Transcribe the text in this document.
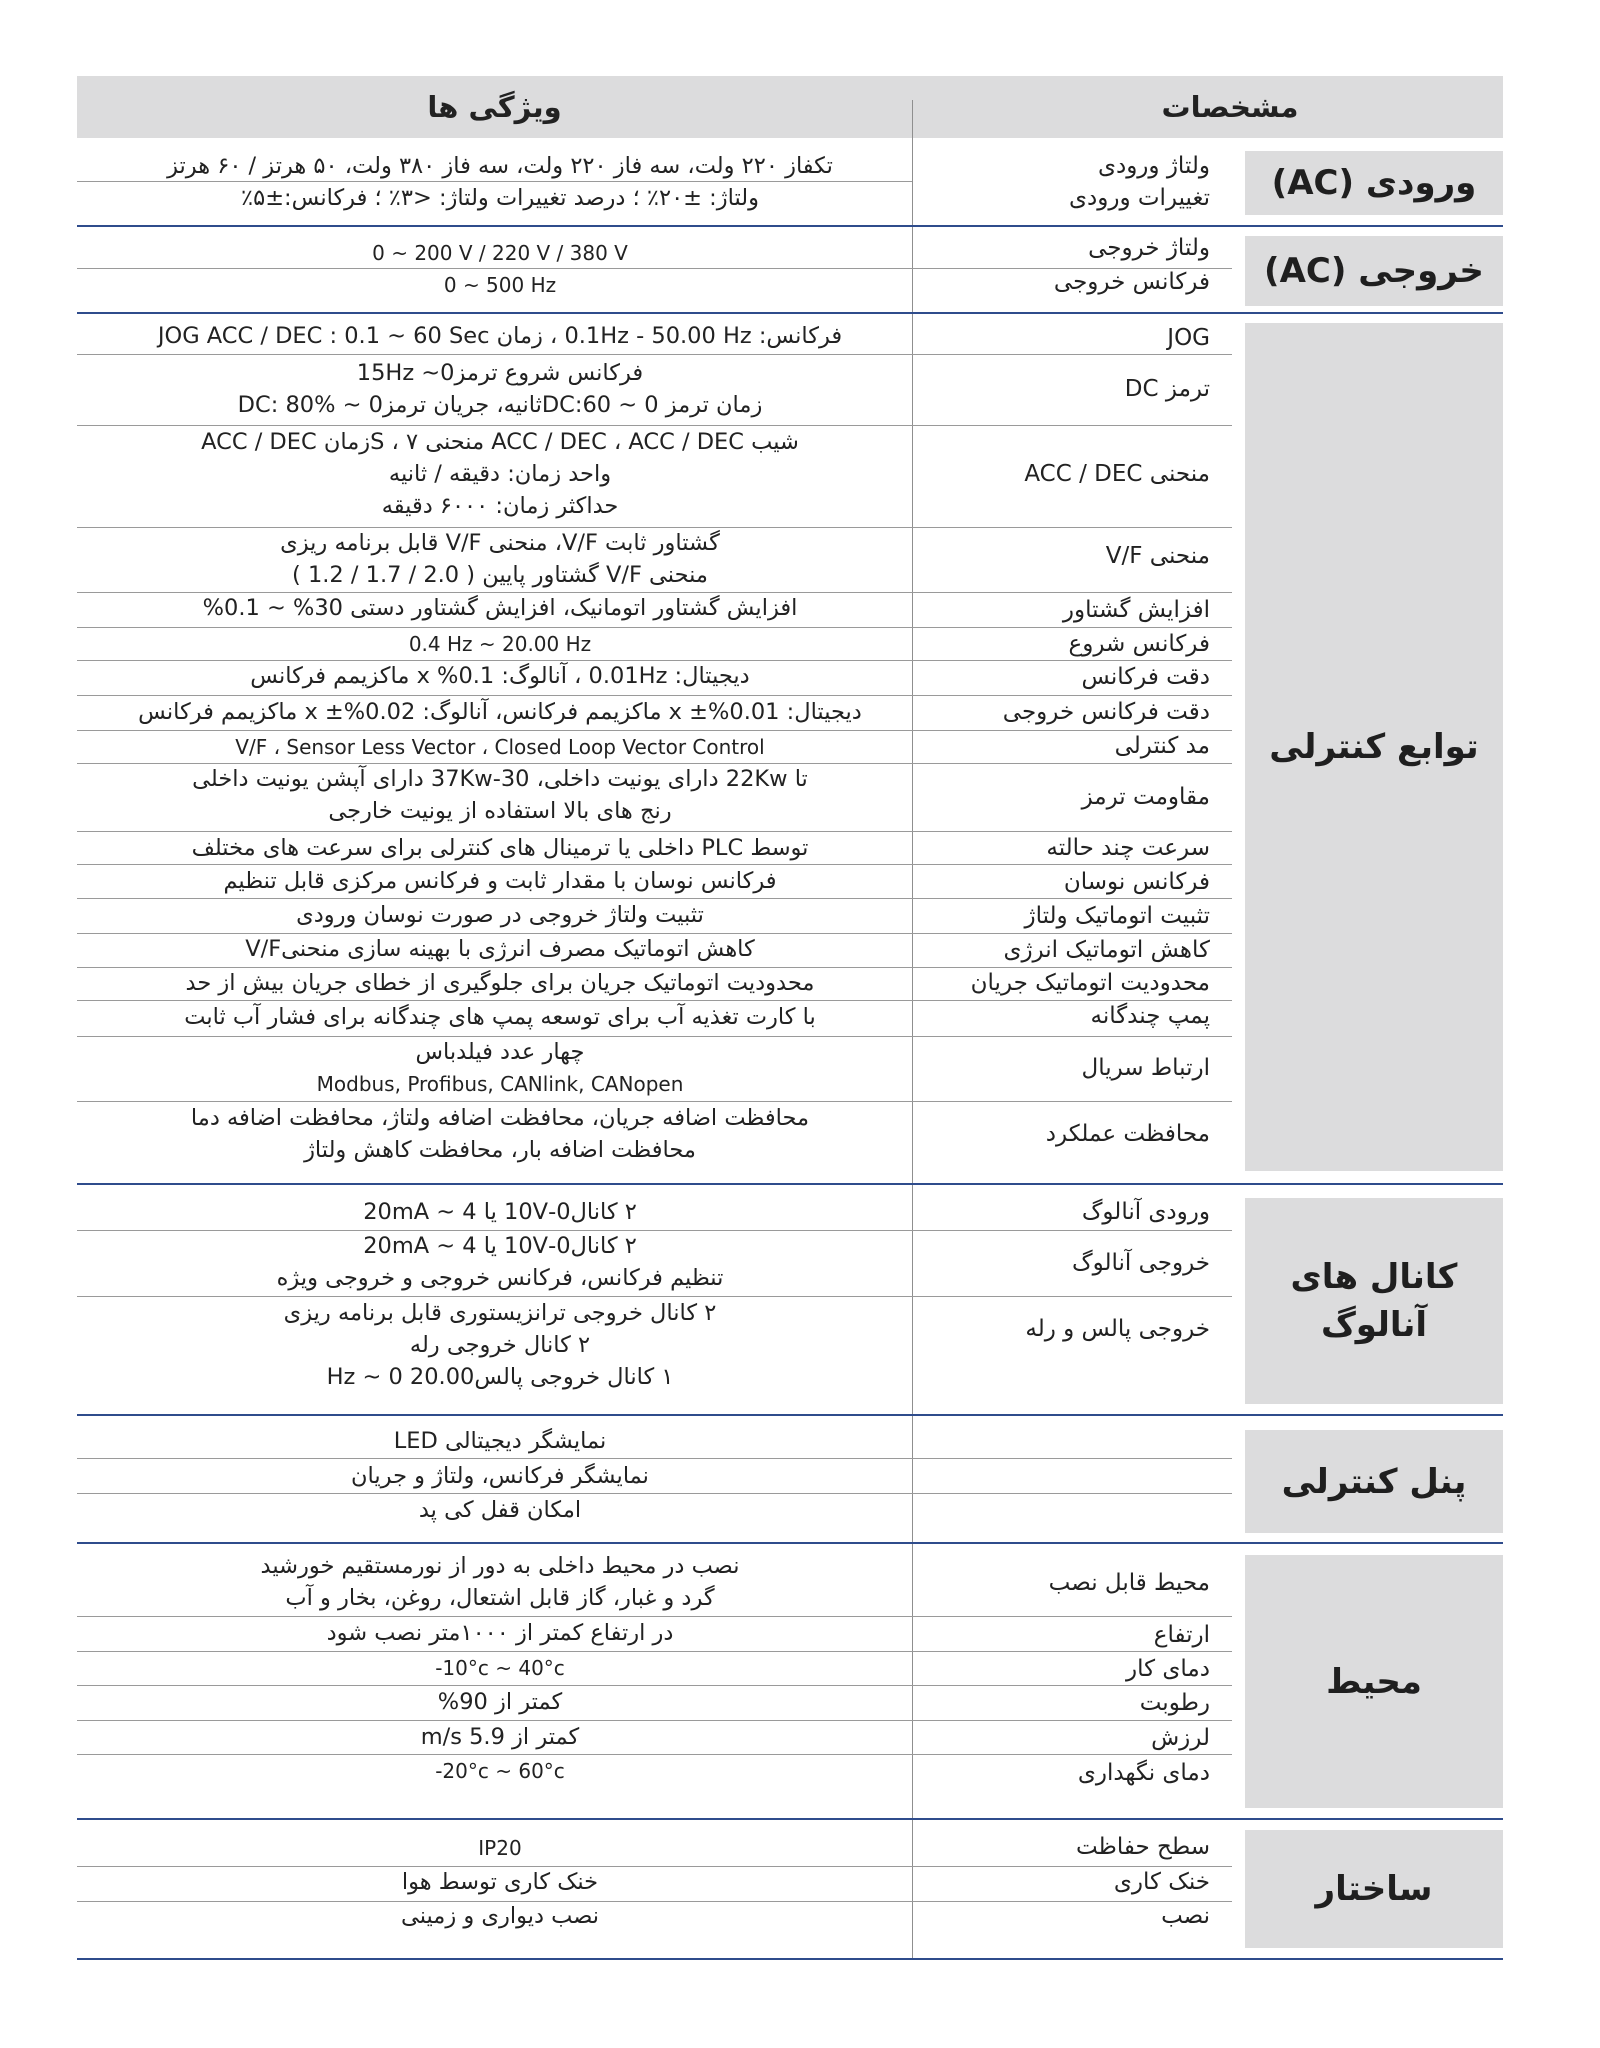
ویژگی ها	مشخصات
ورودی (AC)
خروجی (AC)
توابع کنترلی
کانال های
آنالوگ
پنل کنترلی
محیط
ساختار
ولتاژ ورودی
تغییرات ورودی
تکفاز ۲۲۰ ولت، سه فاز ۲۲۰ ولت، سه فاز ۳۸۰ ولت، ۵۰ هرتز / ۶۰ هرتز
ولتاژ: ±۲۰٪ ؛ درصد تغییرات ولتاژ: <۳٪ ؛ فرکانس:±۵٪
ولتاژ خروجی
0 ~ 200 V / 220 V / 380 V
فرکانس خروجی
0 ~ 500 Hz
JOG
فرکانس: 0.1Hz - 50.00 Hz ، زمان JOG ACC / DEC : 0.1 ~ 60 Sec
ترمز DC
فرکانس شروع ترمز15Hz ~0
زمان ترمز DC:60 ~ 0ثانیه، جریان ترمزDC: 80% ~ 0
منحنی ACC / DEC
شیب ACC / DEC ، ACC / DEC منحنی S ، ۷زمان ACC / DEC
واحد زمان: دقیقه / ثانیه
حداکثر زمان: ۶۰۰۰ دقیقه
منحنی V/F
گشتاور ثابت V/F، منحنی V/F قابل برنامه ریزی
منحنی V/F گشتاور پایین ( 2.0 / 1.7 / 1.2 )
افزایش گشتاور
افزایش گشتاور اتومانیک، افزایش گشتاور دستی 30% ~ 0.1%
فرکانس شروع
0.4 Hz ~ 20.00 Hz
دقت فرکانس
دیجیتال: 0.01Hz ، آنالوگ: 0.1% x ماکزیمم فرکانس
دقت فرکانس خروجی
دیجیتال: 0.01%± x ماکزیمم فرکانس، آنالوگ: 0.02%± x ماکزیمم فرکانس
مد کنترلی
V/F ، Sensor Less Vector ، Closed Loop Vector Control
مقاومت ترمز
تا 22Kw دارای یونیت داخلی، 30-37Kw دارای آپشن یونیت داخلی
رنج های بالا استفاده از یونیت خارجی
سرعت چند حالته
توسط PLC داخلی یا ترمینال های کنترلی برای سرعت های مختلف
فرکانس نوسان
فرکانس نوسان با مقدار ثابت و فرکانس مرکزی قابل تنظیم
تثبیت اتوماتیک ولتاژ
تثبیت ولتاژ خروجی در صورت نوسان ورودی
کاهش اتوماتیک انرژی
کاهش اتوماتیک مصرف انرژی با بهینه سازی منحنیV/F
محدودیت اتوماتیک جریان
محدودیت اتوماتیک جریان برای جلوگیری از خطای جریان بیش از حد
پمپ چندگانه
با کارت تغذیه آب برای توسعه پمپ های چندگانه برای فشار آب ثابت
ارتباط سریال
چهار عدد فیلدباس
Modbus, Profibus, CANlink, CANopen
محافظت عملکرد
محافظت اضافه جریان، محافظت اضافه ولتاژ، محافظت اضافه دما
محافظت اضافه بار، محافظت کاهش ولتاژ
ورودی آنالوگ
۲ کانال0-10V یا 20mA ~ 4
خروجی آنالوگ
۲ کانال0-10V یا 20mA ~ 4
تنظیم فرکانس، فرکانس خروجی و خروجی ویژه
خروجی پالس و رله
۲ کانال خروجی ترانزیستوری قابل برنامه ریزی
۲ کانال خروجی رله
۱ کانال خروجی پالس20.00 Hz ~ 0
نمایشگر دیجیتالی LED
نمایشگر فرکانس، ولتاژ و جریان
امکان قفل کی پد
محیط قابل نصب
نصب در محیط داخلی به دور از نورمستقیم خورشید
گرد و غبار، گاز قابل اشتعال، روغن، بخار و آب
ارتفاع
در ارتفاع کمتر از ۱۰۰۰متر نصب شود
دمای کار
-10°c ~ 40°c
رطوبت
کمتر از 90%
لرزش
کمتر از 5.9 m/s
دمای نگهداری
-20°c ~ 60°c
سطح حفاظت
IP20
خنک کاری
خنک کاری توسط هوا
نصب
نصب دیواری و زمینی
